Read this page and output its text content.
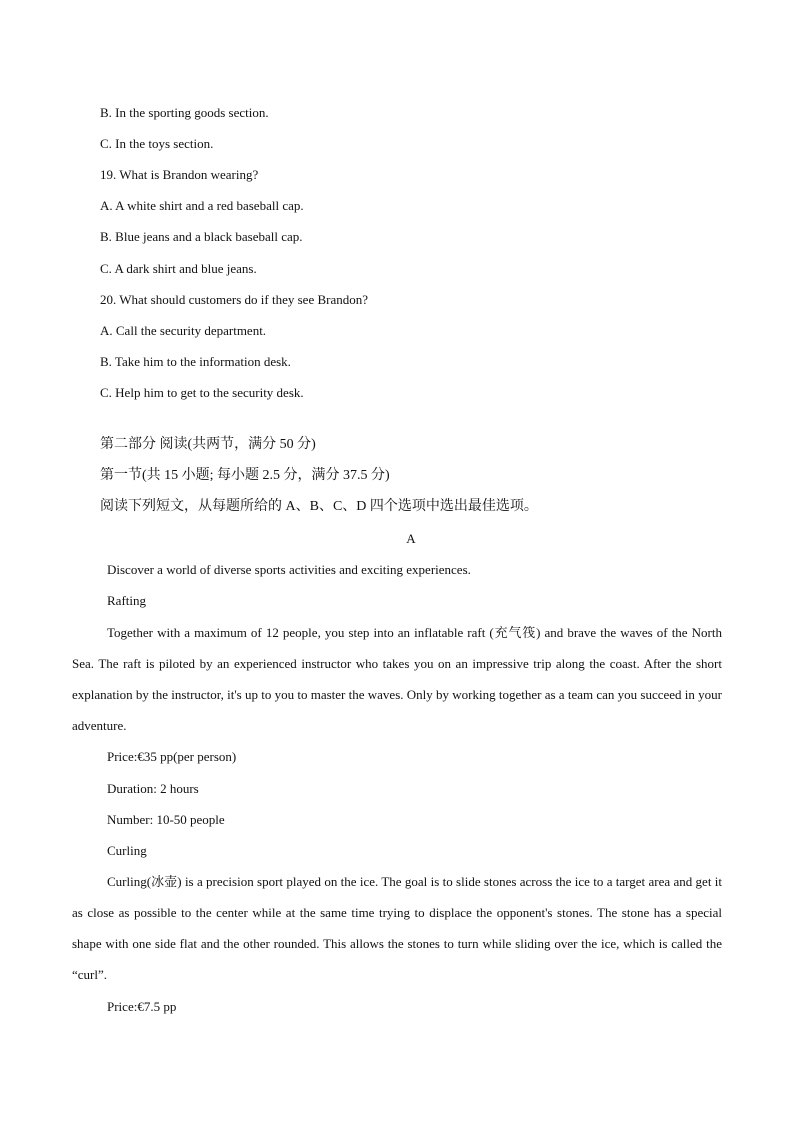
B. In the sporting goods section.
C. In the toys section.
19. What is Brandon wearing?
A. A white shirt and a red baseball cap.
B. Blue jeans and a black baseball cap.
C. A dark shirt and blue jeans.
20. What should customers do if they see Brandon?
A. Call the security department.
B. Take him to the information desk.
C. Help him to get to the security desk.
第二部分 阅读(共两节，满分 50 分)
第一节(共 15 小题; 每小题 2.5 分，满分 37.5 分)
阅读下列短文，从每题所给的 A、B、C、D 四个选项中选出最佳选项。
A
Discover a world of diverse sports activities and exciting experiences.
Rafting
Together with a maximum of 12 people, you step into an inflatable raft (充气筏) and brave the waves of the North Sea. The raft is piloted by an experienced instructor who takes you on an impressive trip along the coast. After the short explanation by the instructor, it's up to you to master the waves. Only by working together as a team can you succeed in your adventure.
Price:€35 pp(per person)
Duration: 2 hours
Number: 10-50 people
Curling
Curling(冰壶) is a precision sport played on the ice. The goal is to slide stones across the ice to a target area and get it as close as possible to the center while at the same time trying to displace the opponent's stones. The stone has a special shape with one side flat and the other rounded. This allows the stones to turn while sliding over the ice, which is called the “curl”.
Price:€7.5 pp
